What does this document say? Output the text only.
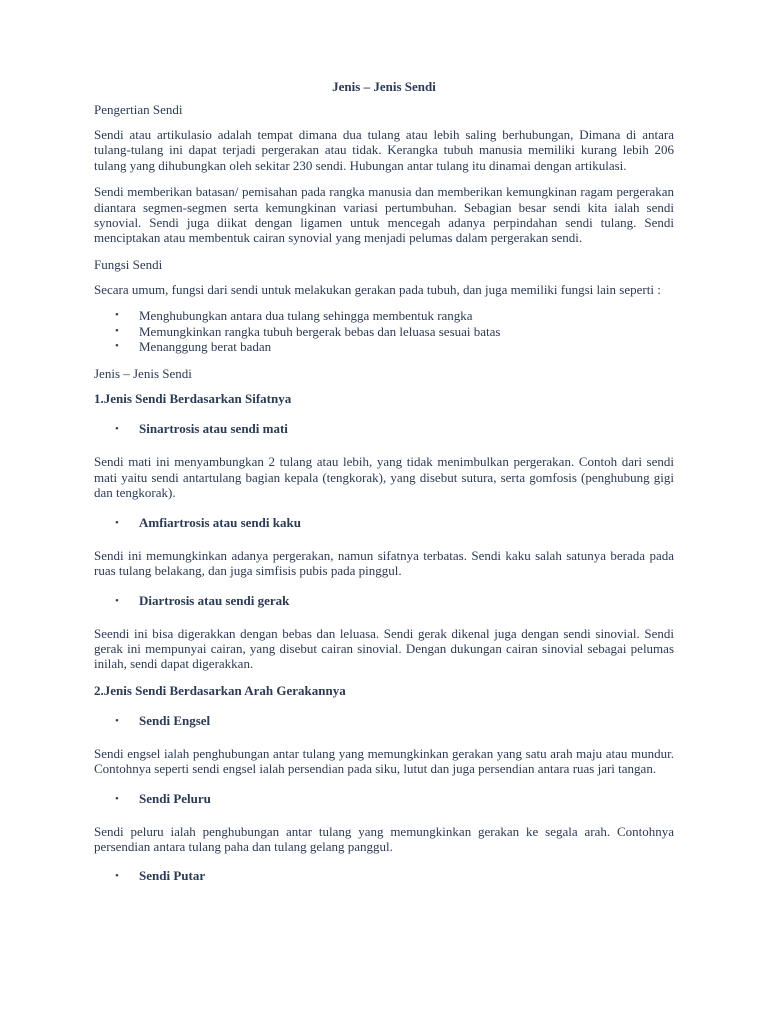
Jenis – Jenis Sendi
Pengertian Sendi

Sendi atau artikulasio adalah tempat dimana dua tulang atau lebih saling berhubungan, Dimana di antara tulang-tulang ini dapat terjadi pergerakan atau tidak. Kerangka tubuh manusia memiliki kurang lebih 206 tulang yang dihubungkan oleh sekitar 230 sendi. Hubungan antar tulang itu dinamai dengan artikulasi.

Sendi memberikan batasan/ pemisahan pada rangka manusia dan memberikan kemungkinan ragam pergerakan diantara segmen-segmen serta kemungkinan variasi pertumbuhan. Sebagian besar sendi kita ialah sendi synovial. Sendi juga diikat dengan ligamen untuk mencegah adanya perpindahan sendi tulang. Sendi menciptakan atau membentuk cairan synovial yang menjadi pelumas dalam pergerakan sendi.

Fungsi Sendi

Secara umum, fungsi dari sendi untuk melakukan gerakan pada tubuh, dan juga memiliki fungsi lain seperti :

• Menghubungkan antara dua tulang sehingga membentuk rangka
• Memungkinkan rangka tubuh bergerak bebas dan leluasa sesuai batas
• Menanggung berat badan
Jenis – Jenis Sendi
1.Jenis Sendi Berdasarkan Sifatnya
• Sinartrosis atau sendi mati

Sendi mati ini menyambungkan 2 tulang atau lebih, yang tidak menimbulkan pergerakan. Contoh dari sendi mati yaitu sendi antartulang bagian kepala (tengkorak), yang disebut sutura, serta gomfosis (penghubung gigi dan tengkorak).

• Amfiartrosis atau sendi kaku

Sendi ini memungkinkan adanya pergerakan, namun sifatnya terbatas. Sendi kaku salah satunya berada pada ruas tulang belakang, dan juga simfisis pubis pada pinggul.

• Diartrosis atau sendi gerak

Seendi ini bisa digerakkan dengan bebas dan leluasa. Sendi gerak dikenal juga dengan sendi sinovial. Sendi gerak ini mempunyai cairan, yang disebut cairan sinovial. Dengan dukungan cairan sinovial sebagai pelumas inilah, sendi dapat digerakkan.

2.Jenis Sendi Berdasarkan Arah Gerakannya
• Sendi Engsel

Sendi engsel ialah penghubungan antar tulang yang memungkinkan gerakan yang satu arah maju atau mundur. Contohnya seperti sendi engsel ialah persendian pada siku, lutut dan juga persendian antara ruas jari tangan.

• Sendi Peluru

Sendi peluru ialah penghubungan antar tulang yang memungkinkan gerakan ke segala arah. Contohnya persendian antara tulang paha dan tulang gelang panggul.

• Sendi Putar
